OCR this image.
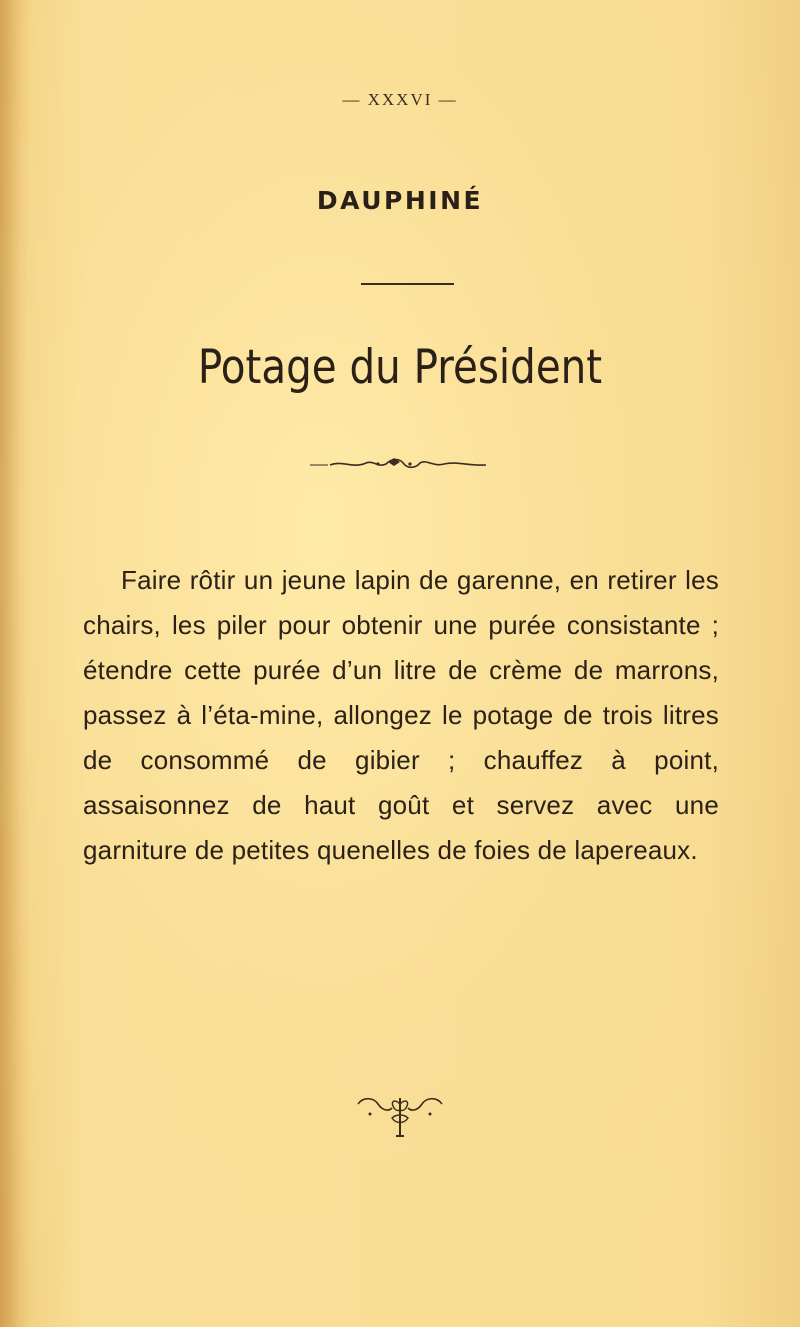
— XXXVI —
DAUPHINÉ
Potage du Président

Faire rôtir un jeune lapin de garenne, en retirer les chairs, les piler pour obtenir une purée consistante ; étendre cette purée d’un litre de crème de marrons, passez à l’éta-mine, allongez le potage de trois litres de consommé de gibier ; chauffez à point, assaisonnez de haut goût et servez avec une garniture de petites quenelles de foies de lapereaux.
